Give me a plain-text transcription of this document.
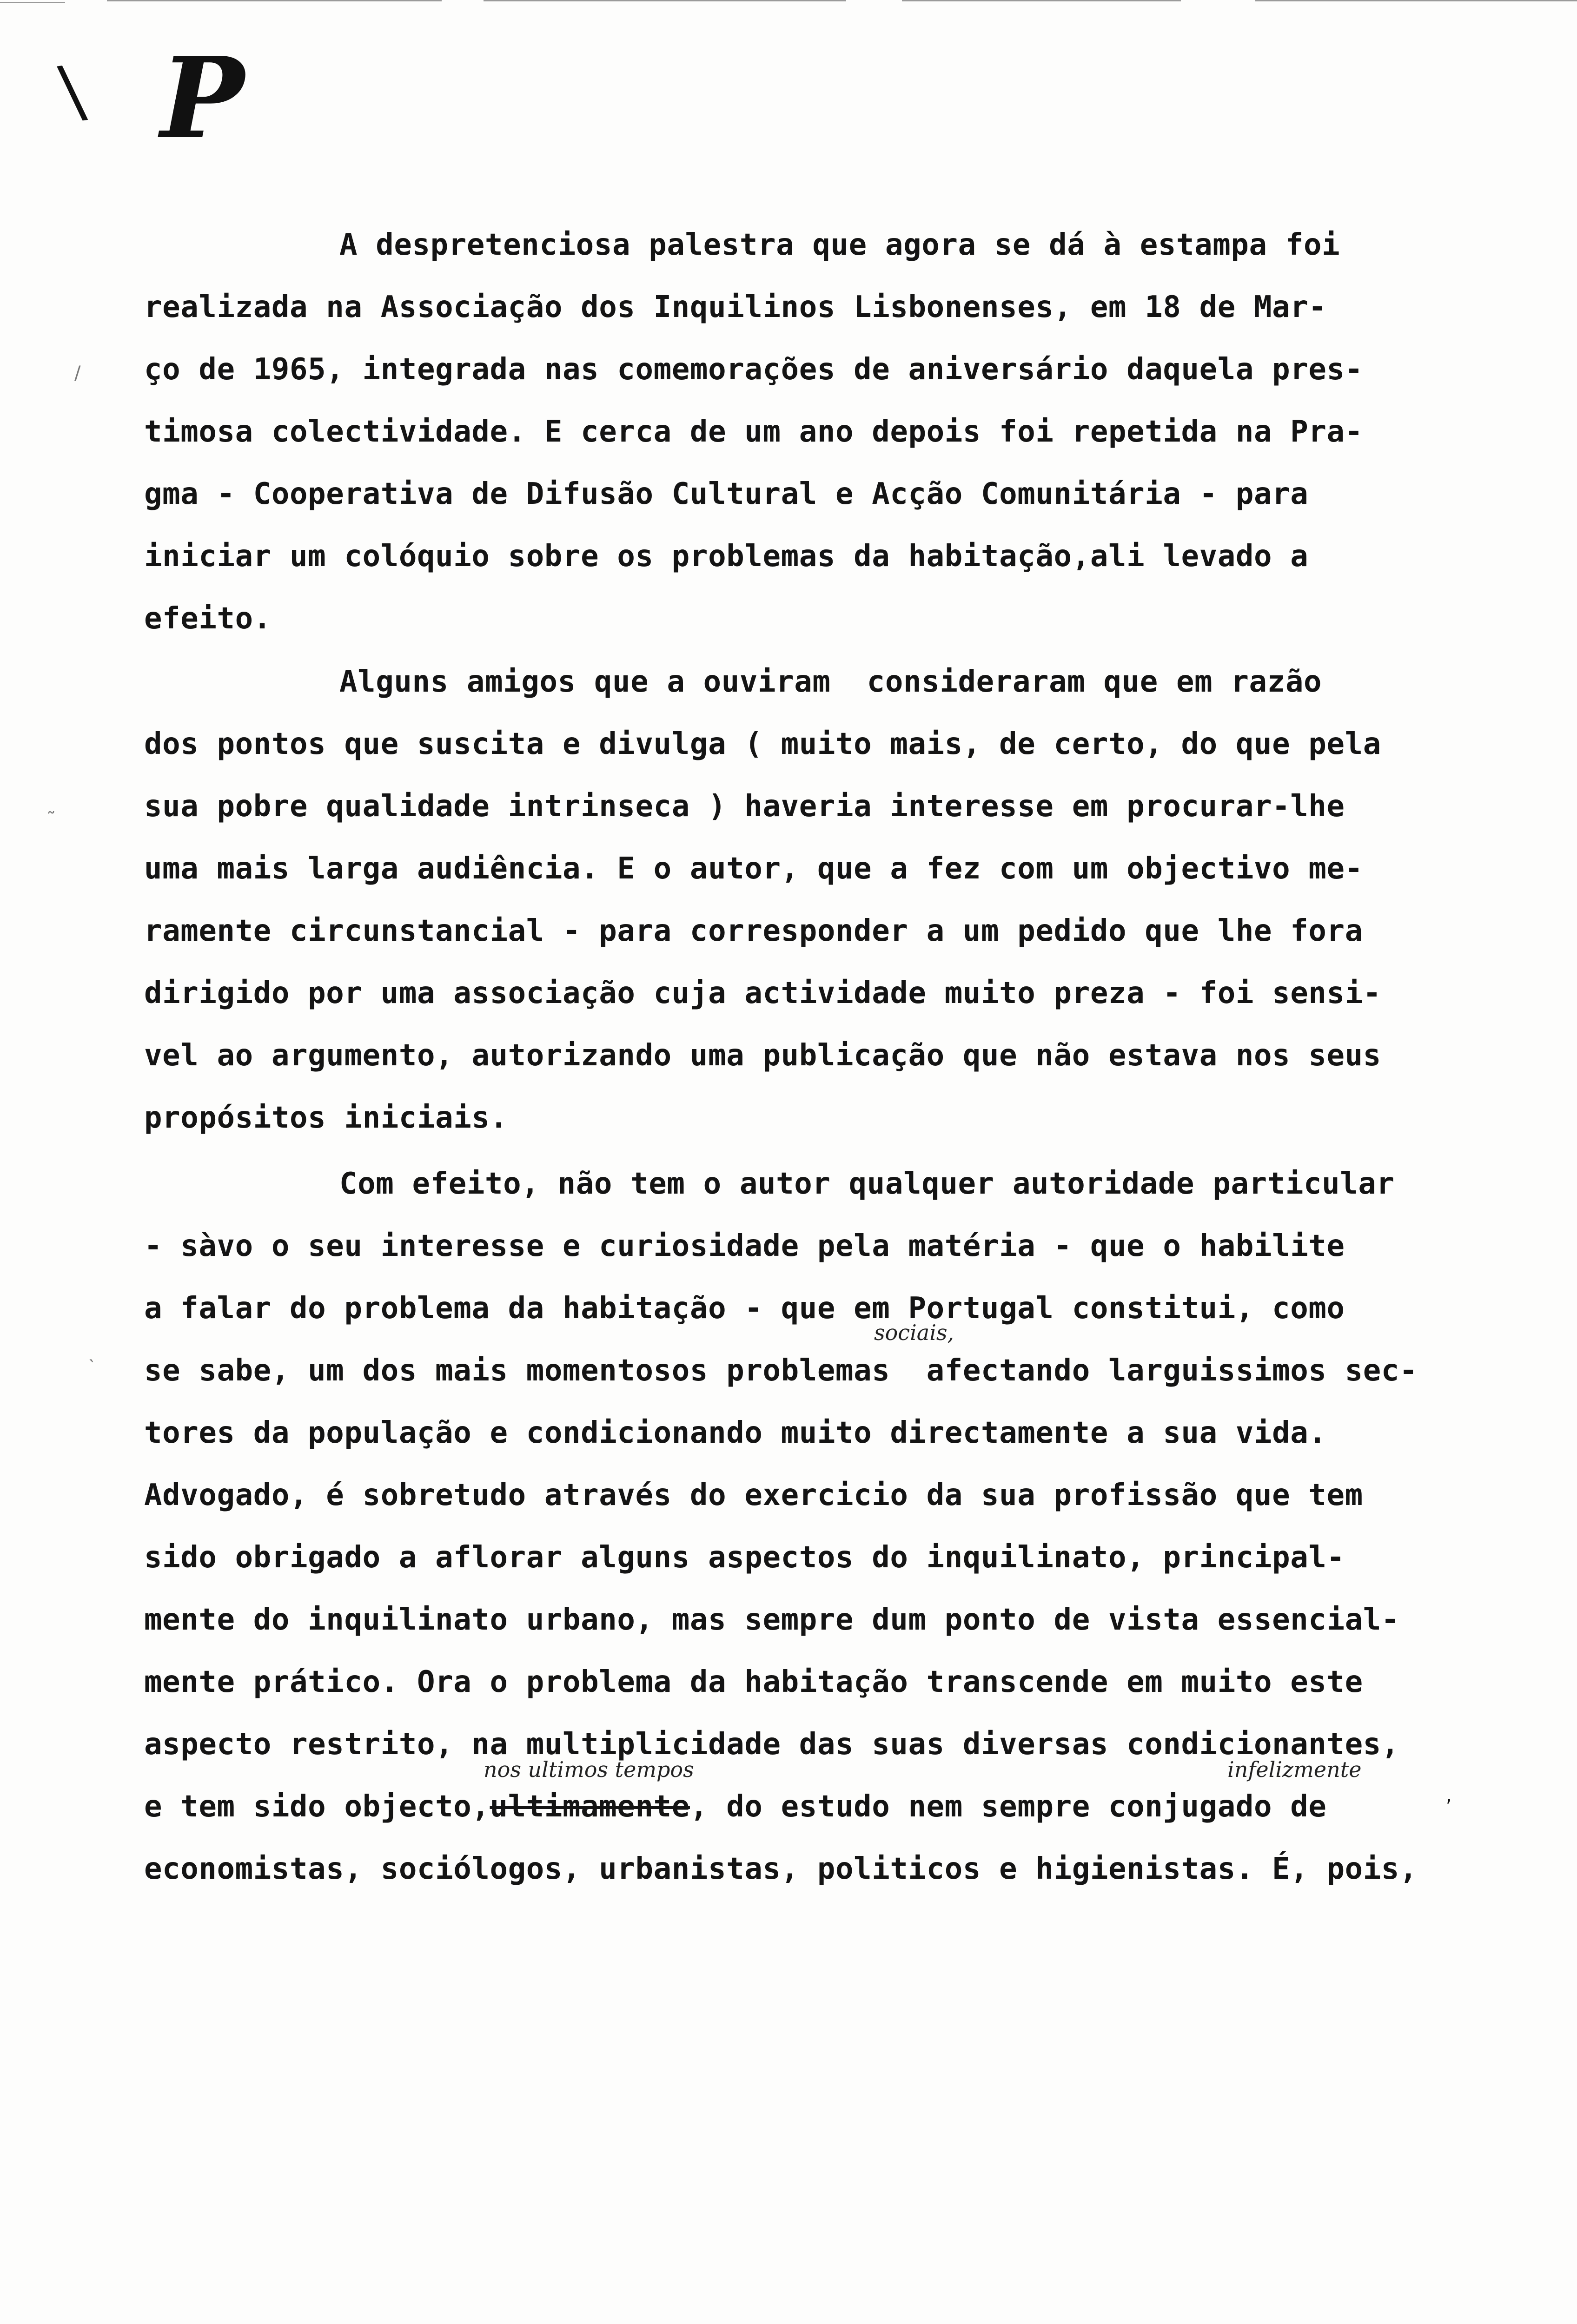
\ P
/
˜
˴
,
A despretenciosa palestra que agora se dá à estampa foi
realizada na Associação dos Inquilinos Lisbonenses, em 18 de Mar-
ço de 1965, integrada nas comemorações de aniversário daquela pres-
timosa colectividade. E cerca de um ano depois foi repetida na Pra-
gma - Cooperativa de Difusão Cultural e Acção Comunitária - para
iniciar um colóquio sobre os problemas da habitação,ali levado a
efeito.
Alguns amigos que a ouviram  consideraram que em razão
dos pontos que suscita e divulga ( muito mais, de certo, do que pela
sua pobre qualidade intrinseca ) haveria interesse em procurar-lhe
uma mais larga audiência. E o autor, que a fez com um objectivo me-
ramente circunstancial - para corresponder a um pedido que lhe fora
dirigido por uma associação cuja actividade muito preza - foi sensi-
vel ao argumento, autorizando uma publicação que não estava nos seus
propósitos iniciais.
Com efeito, não tem o autor qualquer autoridade particular
- sàvo o seu interesse e curiosidade pela matéria - que o habilite
a falar do problema da habitação - que em Portugal constitui, como
se sabe, um dos mais momentosos problemas  afectando larguissimos sec-
tores da população e condicionando muito directamente a sua vida.
Advogado, é sobretudo através do exercicio da sua profissão que tem
sido obrigado a aflorar alguns aspectos do inquilinato, principal-
mente do inquilinato urbano, mas sempre dum ponto de vista essencial-
mente prático. Ora o problema da habitação transcende em muito este
aspecto restrito, na multiplicidade das suas diversas condicionantes,
e tem sido objecto,ultimamente, do estudo nem sempre conjugado de
economistas, sociólogos, urbanistas, politicos e higienistas. É, pois,
sociais,
nos ultimos tempos	infelizmente
